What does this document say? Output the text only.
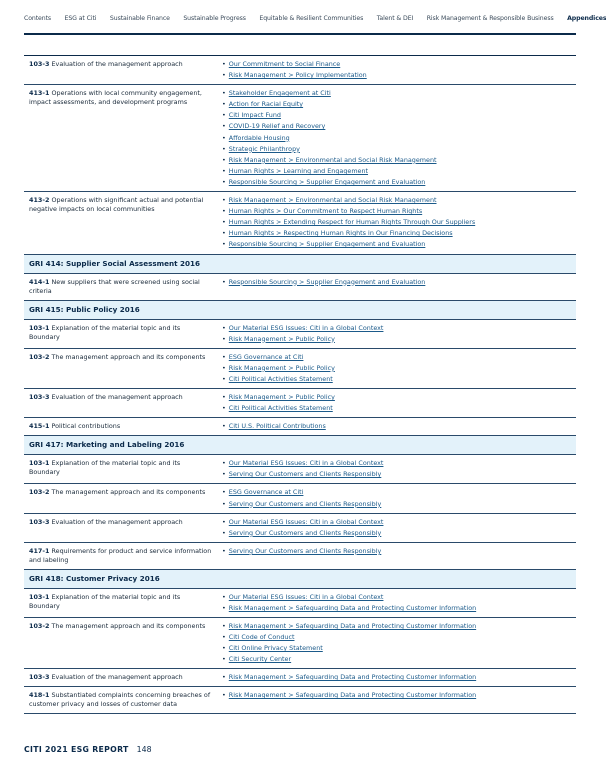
Contents ESG at Citi Sustainable Finance Sustainable Progress Equitable & Resilient Communities Talent & DEI Risk Management & Responsible Business Appendices
103-3 Evaluation of the management approach	• Our Commitment to Social Finance
• Risk Management > Policy Implementation
413-1 Operations with local community engagement, impact assessments, and development programs
• Stakeholder Engagement at Citi
• Action for Racial Equity
• Citi Impact Fund
• COVID-19 Relief and Recovery
• Affordable Housing
• Strategic Philanthropy
• Risk Management > Environmental and Social Risk Management
• Human Rights > Learning and Engagement
• Responsible Sourcing > Supplier Engagement and Evaluation
413-2 Operations with significant actual and potential negative impacts on local communities
• Risk Management > Environmental and Social Risk Management
• Human Rights > Our Commitment to Respect Human Rights
• Human Rights > Extending Respect for Human Rights Through Our Suppliers
• Human Rights > Respecting Human Rights in Our Financing Decisions
• Responsible Sourcing > Supplier Engagement and Evaluation
GRI 414: Supplier Social Assessment 2016
414-1 New suppliers that were screened using social criteria
• Responsible Sourcing > Supplier Engagement and Evaluation
GRI 415: Public Policy 2016
103-1 Explanation of the material topic and its Boundary
• Our Material ESG Issues: Citi in a Global Context
• Risk Management > Public Policy
103-2 The management approach and its components	• ESG Governance at Citi
• Risk Management > Public Policy
• Citi Political Activities Statement
103-3 Evaluation of the management approach	• Risk Management > Public Policy
• Citi Political Activities Statement
415-1 Political contributions	• Citi U.S. Political Contributions
GRI 417: Marketing and Labeling 2016
103-1 Explanation of the material topic and its Boundary
• Our Material ESG Issues: Citi in a Global Context
• Serving Our Customers and Clients Responsibly
103-2 The management approach and its components	• ESG Governance at Citi
• Serving Our Customers and Clients Responsibly
103-3 Evaluation of the management approach	• Our Material ESG Issues: Citi in a Global Context
• Serving Our Customers and Clients Responsibly
417-1 Requirements for product and service information and labeling
• Serving Our Customers and Clients Responsibly
GRI 418: Customer Privacy 2016
103-1 Explanation of the material topic and its Boundary
• Our Material ESG Issues: Citi in a Global Context
• Risk Management > Safeguarding Data and Protecting Customer Information
103-2 The management approach and its components	• Risk Management > Safeguarding Data and Protecting Customer Information
• Citi Code of Conduct
• Citi Online Privacy Statement
• Citi Security Center
103-3 Evaluation of the management approach	• Risk Management > Safeguarding Data and Protecting Customer Information
418-1 Substantiated complaints concerning breaches of customer privacy and losses of customer data
• Risk Management > Safeguarding Data and Protecting Customer Information
CITI 2021 ESG REPORT 148
